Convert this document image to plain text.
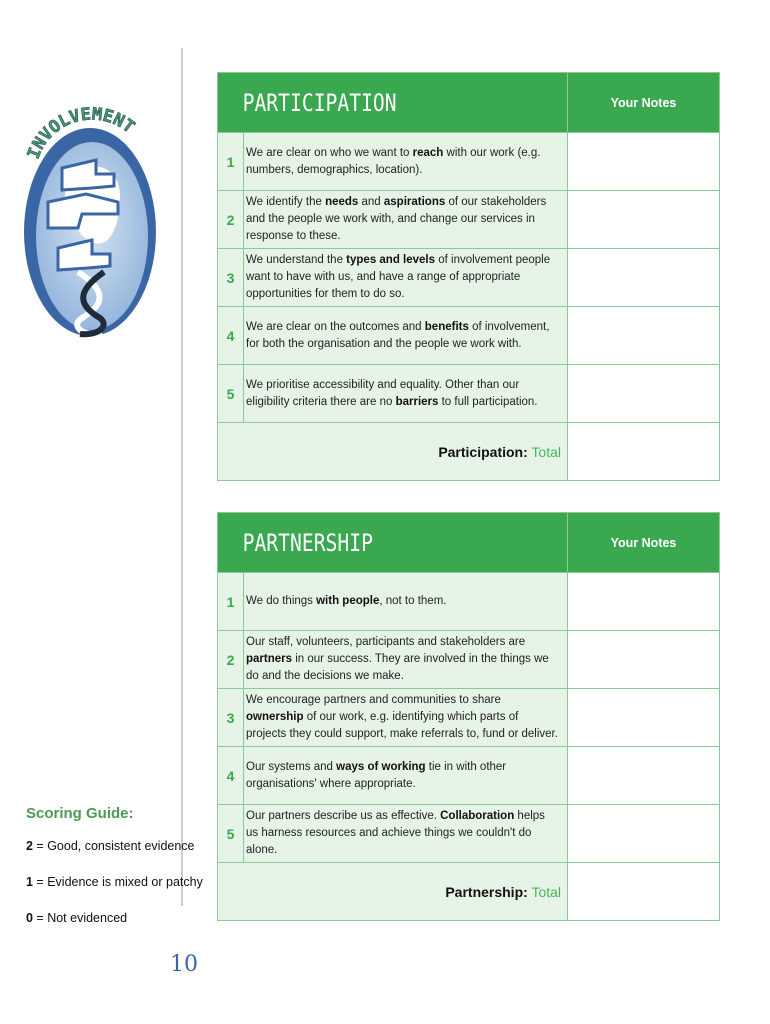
INVOLVEMENT
PARTICIPATION		Your Notes
1	We are clear on who we want to reach with our work (e.g. numbers, demographics, location).	
2	We identify the needs and aspirations of our stakeholders and the people we work with, and change our services in response to these.	
3	We understand the types and levels of involvement people want to have with us, and have a range of appropriate opportunities for them to do so.	
4	We are clear on the outcomes and benefits of involvement, for both the organisation and the people we work with.	
5	We prioritise accessibility and equality. Other than our eligibility criteria there are no barriers to full participation.	
Participation: Total		
PARTNERSHIP		Your Notes
1	We do things with people, not to them.	
2	Our staff, volunteers, participants and stakeholders are partners in our success. They are involved in the things we do and the decisions we make.	
3	We encourage partners and communities to share ownership of our work, e.g. identifying which parts of projects they could support, make referrals to, fund or deliver.	
4	Our systems and ways of working tie in with other organisations' where appropriate.	
5	Our partners describe us as effective. Collaboration helps us harness resources and achieve things we couldn't do alone.	
Partnership: Total		
Scoring Guide:
2 = Good, consistent evidence
1 = Evidence is mixed or patchy
0 = Not evidenced
10
